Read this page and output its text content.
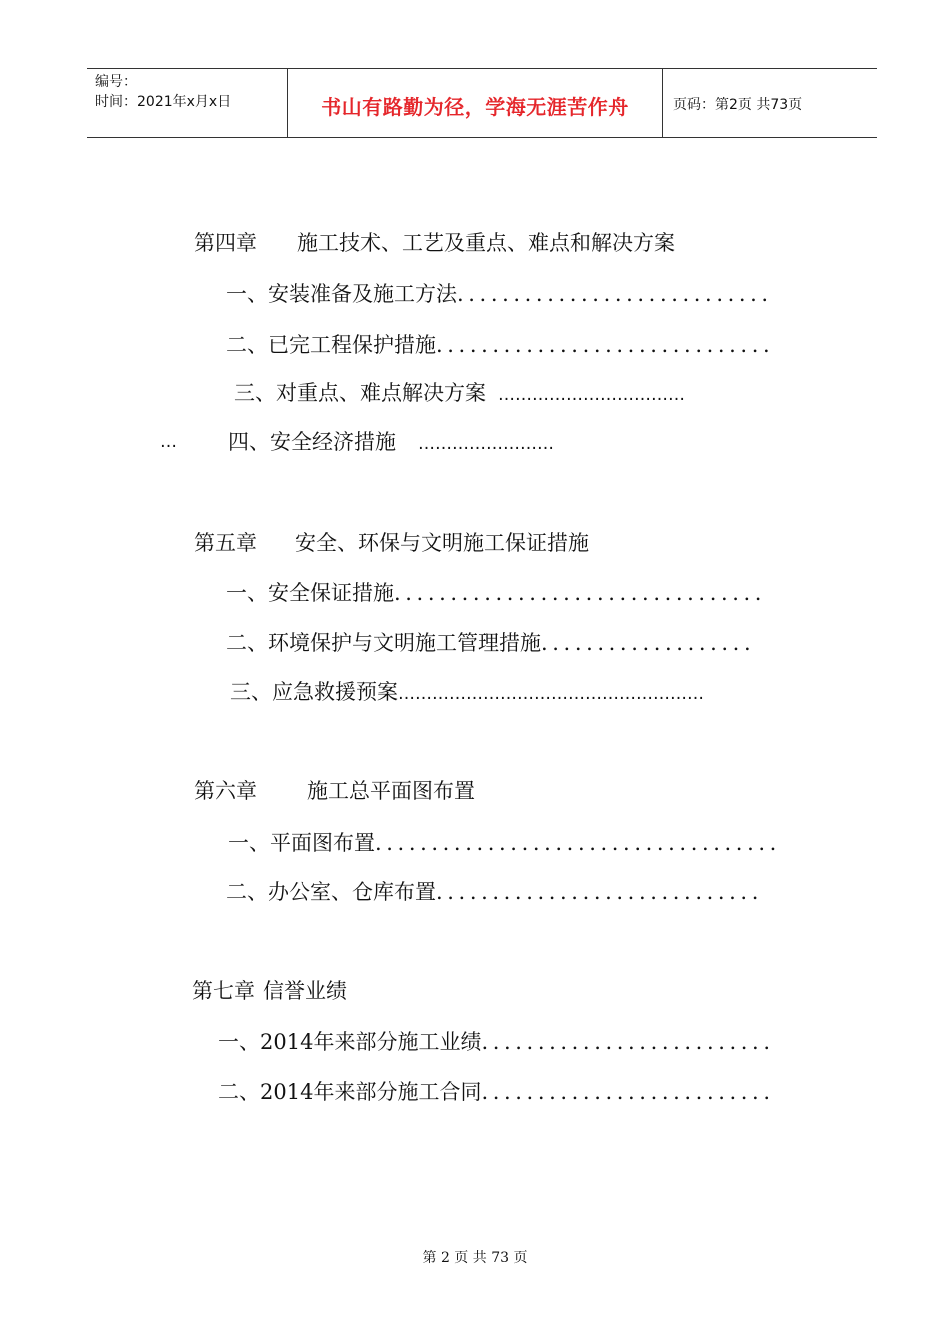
编号：
时间：2021年x月x日	书山有路勤为径，学海无涯苦作舟	页码：第2页 共73页
第四章 施工技术、工艺及重点、难点和解决方案
一、安装准备及施工方法 ............................
二、已完工程保护措施 ..............................
三、对重点、难点解决方案 ……………………………
… 四、安全经济措施 ……………………
第五章 安全、环保与文明施工保证措施
一、安全保证措施 .................................
二、环境保护与文明施工管理措施 ...................
三、应急救援预案 ………………………………………………
第六章 施工总平面图布置
一、平面图布置 ....................................
二、办公室、仓库布置 .............................
第七章 信誉业绩
一、2014年来部分施工业绩 ..........................
二、2014年来部分施工合同 ..........................
第 2 页 共 73 页
